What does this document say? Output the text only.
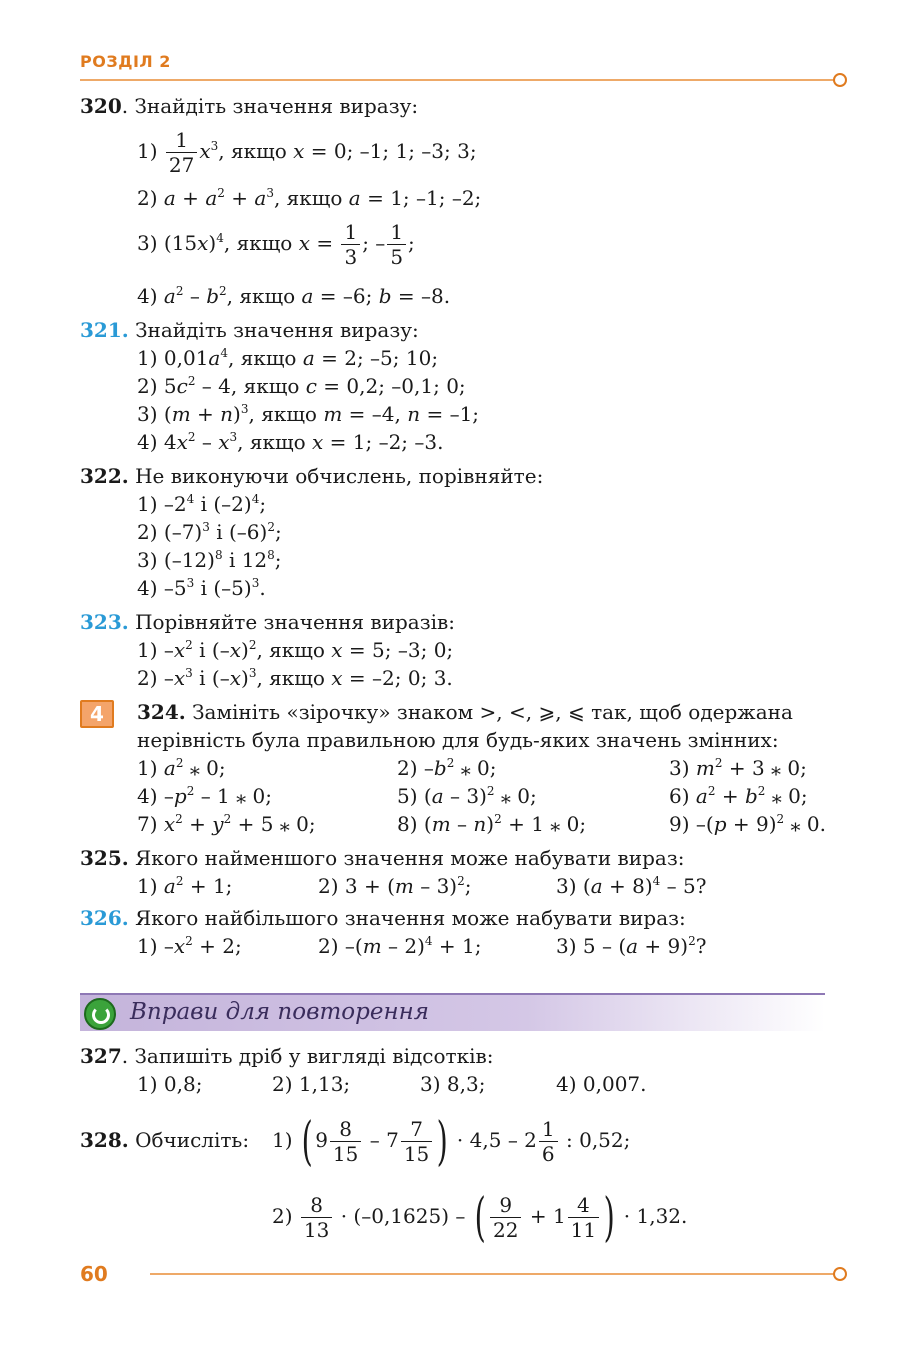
РОЗДІЛ 2
320. Знайдіть значення виразу:
$1) \frac{1}{27} x^3$, якщо x = 0; –1; 1; –3; 3;
2) $a + a^2 + a^3$, якщо a = 1; –1; –2;
3) $(15x)^4$, якщо $x = \frac{1}{3}$ ; – $\frac{1}{5}$ ;
4) $a^2 - b^2$, якщо a = –6; b = –8.
321. Знайдіть значення виразу:
1) $0,01a^4$, якщо a = 2; –5; 10;
2) $5c^2 - 4$, якщо c = 0,2; –0,1; 0;
3) $(m + n)^3$, якщо m = –4, n = –1;
4) $4x^2 - x^3$, якщо x = 1; –2; –3.
322. Не виконуючи обчислень, порівняйте:
1) $-2^4$ і $(-2)^4$;
2) $(-7)^3$ і $(-6)^2$;
3) $(-12)^8$ і $12^8$;
4) $-5^3$ і $(-5)^3$.
323. Порівняйте значення виразів:
1) $-x^2$ і $(-x)^2$, якщо x = 5; –3; 0;
2) $-x^3$ і $(-x)^3$, якщо x = –2; 0; 3.
4	324. Замініть «зірочку» знаком >, <, ⩾, ⩽ так, щоб одержана
нерівність була правильною для будь-яких значень змінних:
1) $a^2$ ⁎ 0;	2) $-b^2$ ⁎ 0;	3) $m^2 + 3$ ⁎ 0;
4) $-p^2 - 1$ ⁎ 0;	5) (a – 3)$^2$ ⁎ 0;	6) $a^2 + b^2$ ⁎ 0;
7) $x^2 + y^2 + 5$ ⁎ 0;	8) (m – n)$^2$ + 1 ⁎ 0;	9) $-(p + 9)^2$ ⁎ 0.
325. Якого найменшого значення може набувати вираз:
1) $a^2 + 1$;	2) 3 + (m – 3)$^2$;	3) $(a + 8)^4 - 5$?
326. Якого найбільшого значення може набувати вираз:
1) $-x^2 + 2$;	2) –(m – 2)$^4$ + 1;	3) $5 - (a + 9)^2$?
Вправи для повторення
327. Запишіть дріб у вигляді відсотків:
1) 0,8;	2) 1,13;	3) 8,3;	4) 0,007.
328. Обчисліть: 1) ( $9 \frac{8}{15} - 7 \frac{7}{15}$ ) · $4,5 - 2 \frac{1}{6}$ : 0,52;
$2) \frac{8}{13} \cdot (-0,1625)$ – ( $\frac{9}{22} + 1 \frac{4}{11}$ ) · 1,32.
60
